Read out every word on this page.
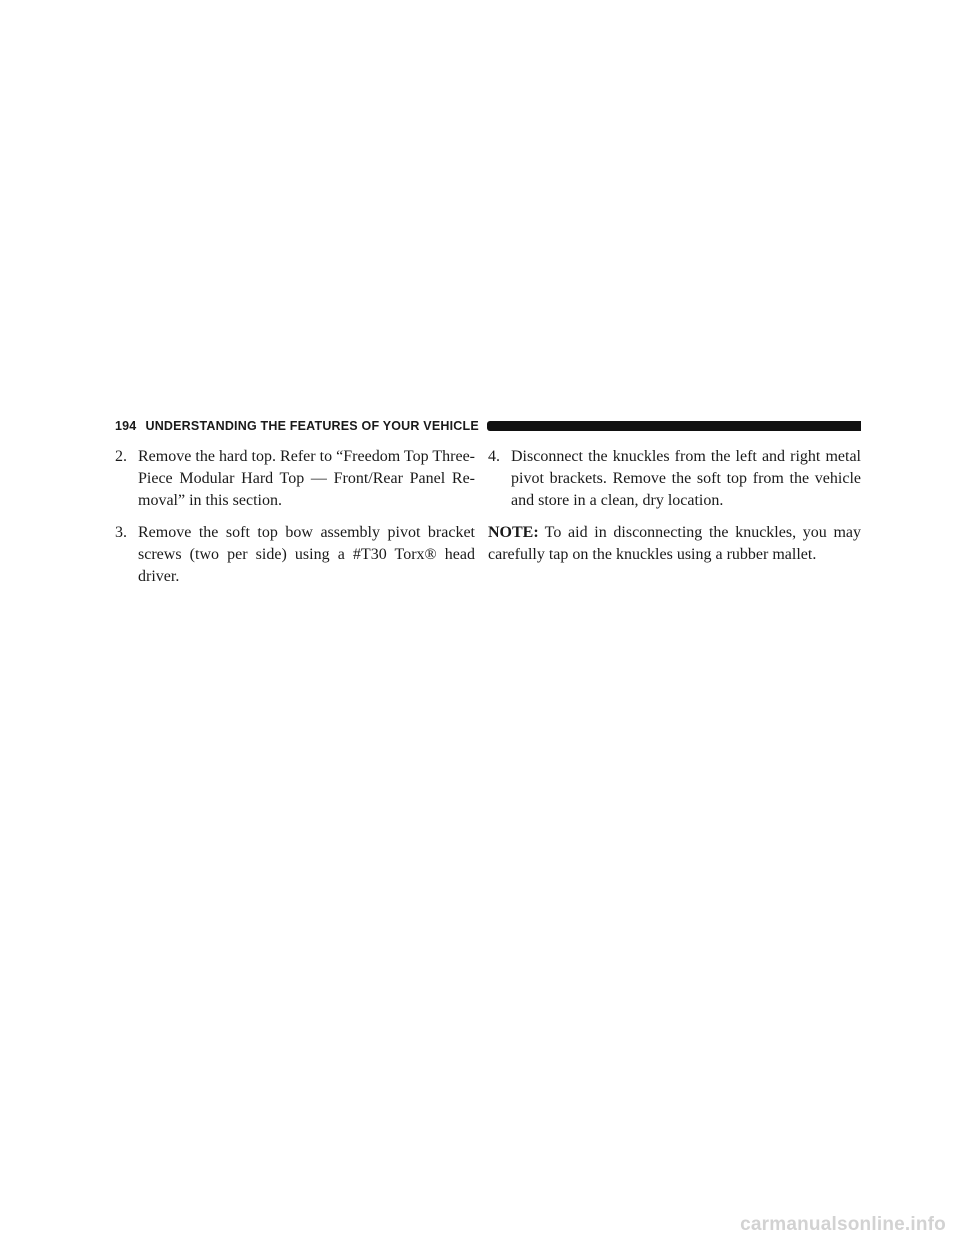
194 UNDERSTANDING THE FEATURES OF YOUR VEHICLE

2. Remove the hard top. Refer to “Freedom Top Three-Piece Modular Hard Top — Front/Rear Panel Re-moval” in this section.

3. Remove the soft top bow assembly pivot bracket screws (two per side) using a #T30 Torx® head driver.

4. Disconnect the knuckles from the left and right metal pivot brackets. Remove the soft top from the vehicle and store in a clean, dry location.

NOTE: To aid in disconnecting the knuckles, you may carefully tap on the knuckles using a rubber mallet.

carmanualsonline.info
